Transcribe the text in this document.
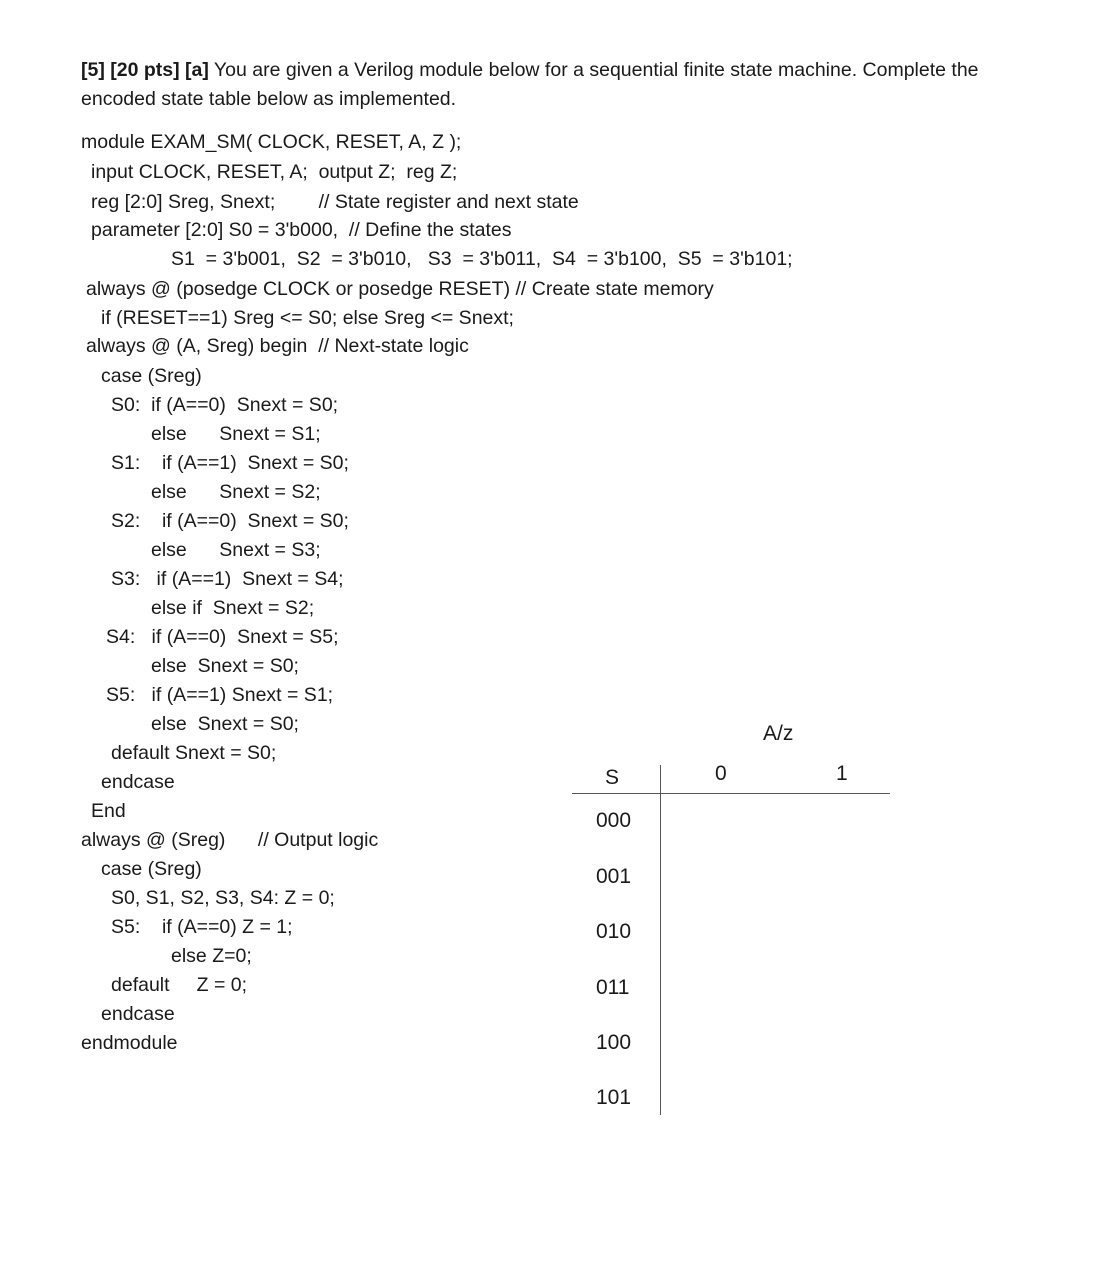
[5] [20 pts] [a] You are given a Verilog module below for a sequential finite state machine. Complete the encoded state table below as implemented.
module EXAM_SM( CLOCK, RESET, A, Z );
input CLOCK, RESET, A;  output Z;  reg Z;
reg [2:0] Sreg, Snext;        // State register and next state
parameter [2:0] S0 = 3'b000,  // Define the states
S1  = 3'b001,  S2  = 3'b010,   S3  = 3'b011,  S4  = 3'b100,  S5  = 3'b101;
always @ (posedge CLOCK or posedge RESET) // Create state memory
if (RESET==1) Sreg <= S0; else Sreg <= Snext;
always @ (A, Sreg) begin  // Next-state logic
case (Sreg)
S0:  if (A==0)  Snext = S0;
else      Snext = S1;
S1:    if (A==1)  Snext = S0;
else      Snext = S2;
S2:    if (A==0)  Snext = S0;
else      Snext = S3;
S3:   if (A==1)  Snext = S4;
else if  Snext = S2;
S4:   if (A==0)  Snext = S5;
else  Snext = S0;
S5:   if (A==1) Snext = S1;
else  Snext = S0;
default Snext = S0;
endcase
End
always @ (Sreg)      // Output logic
case (Sreg)
S0, S1, S2, S3, S4: Z = 0;
S5:    if (A==0) Z = 1;
else Z=0;
default     Z = 0;
endcase
endmodule
A/z
S	0	1
000
001
010
011
100
101
